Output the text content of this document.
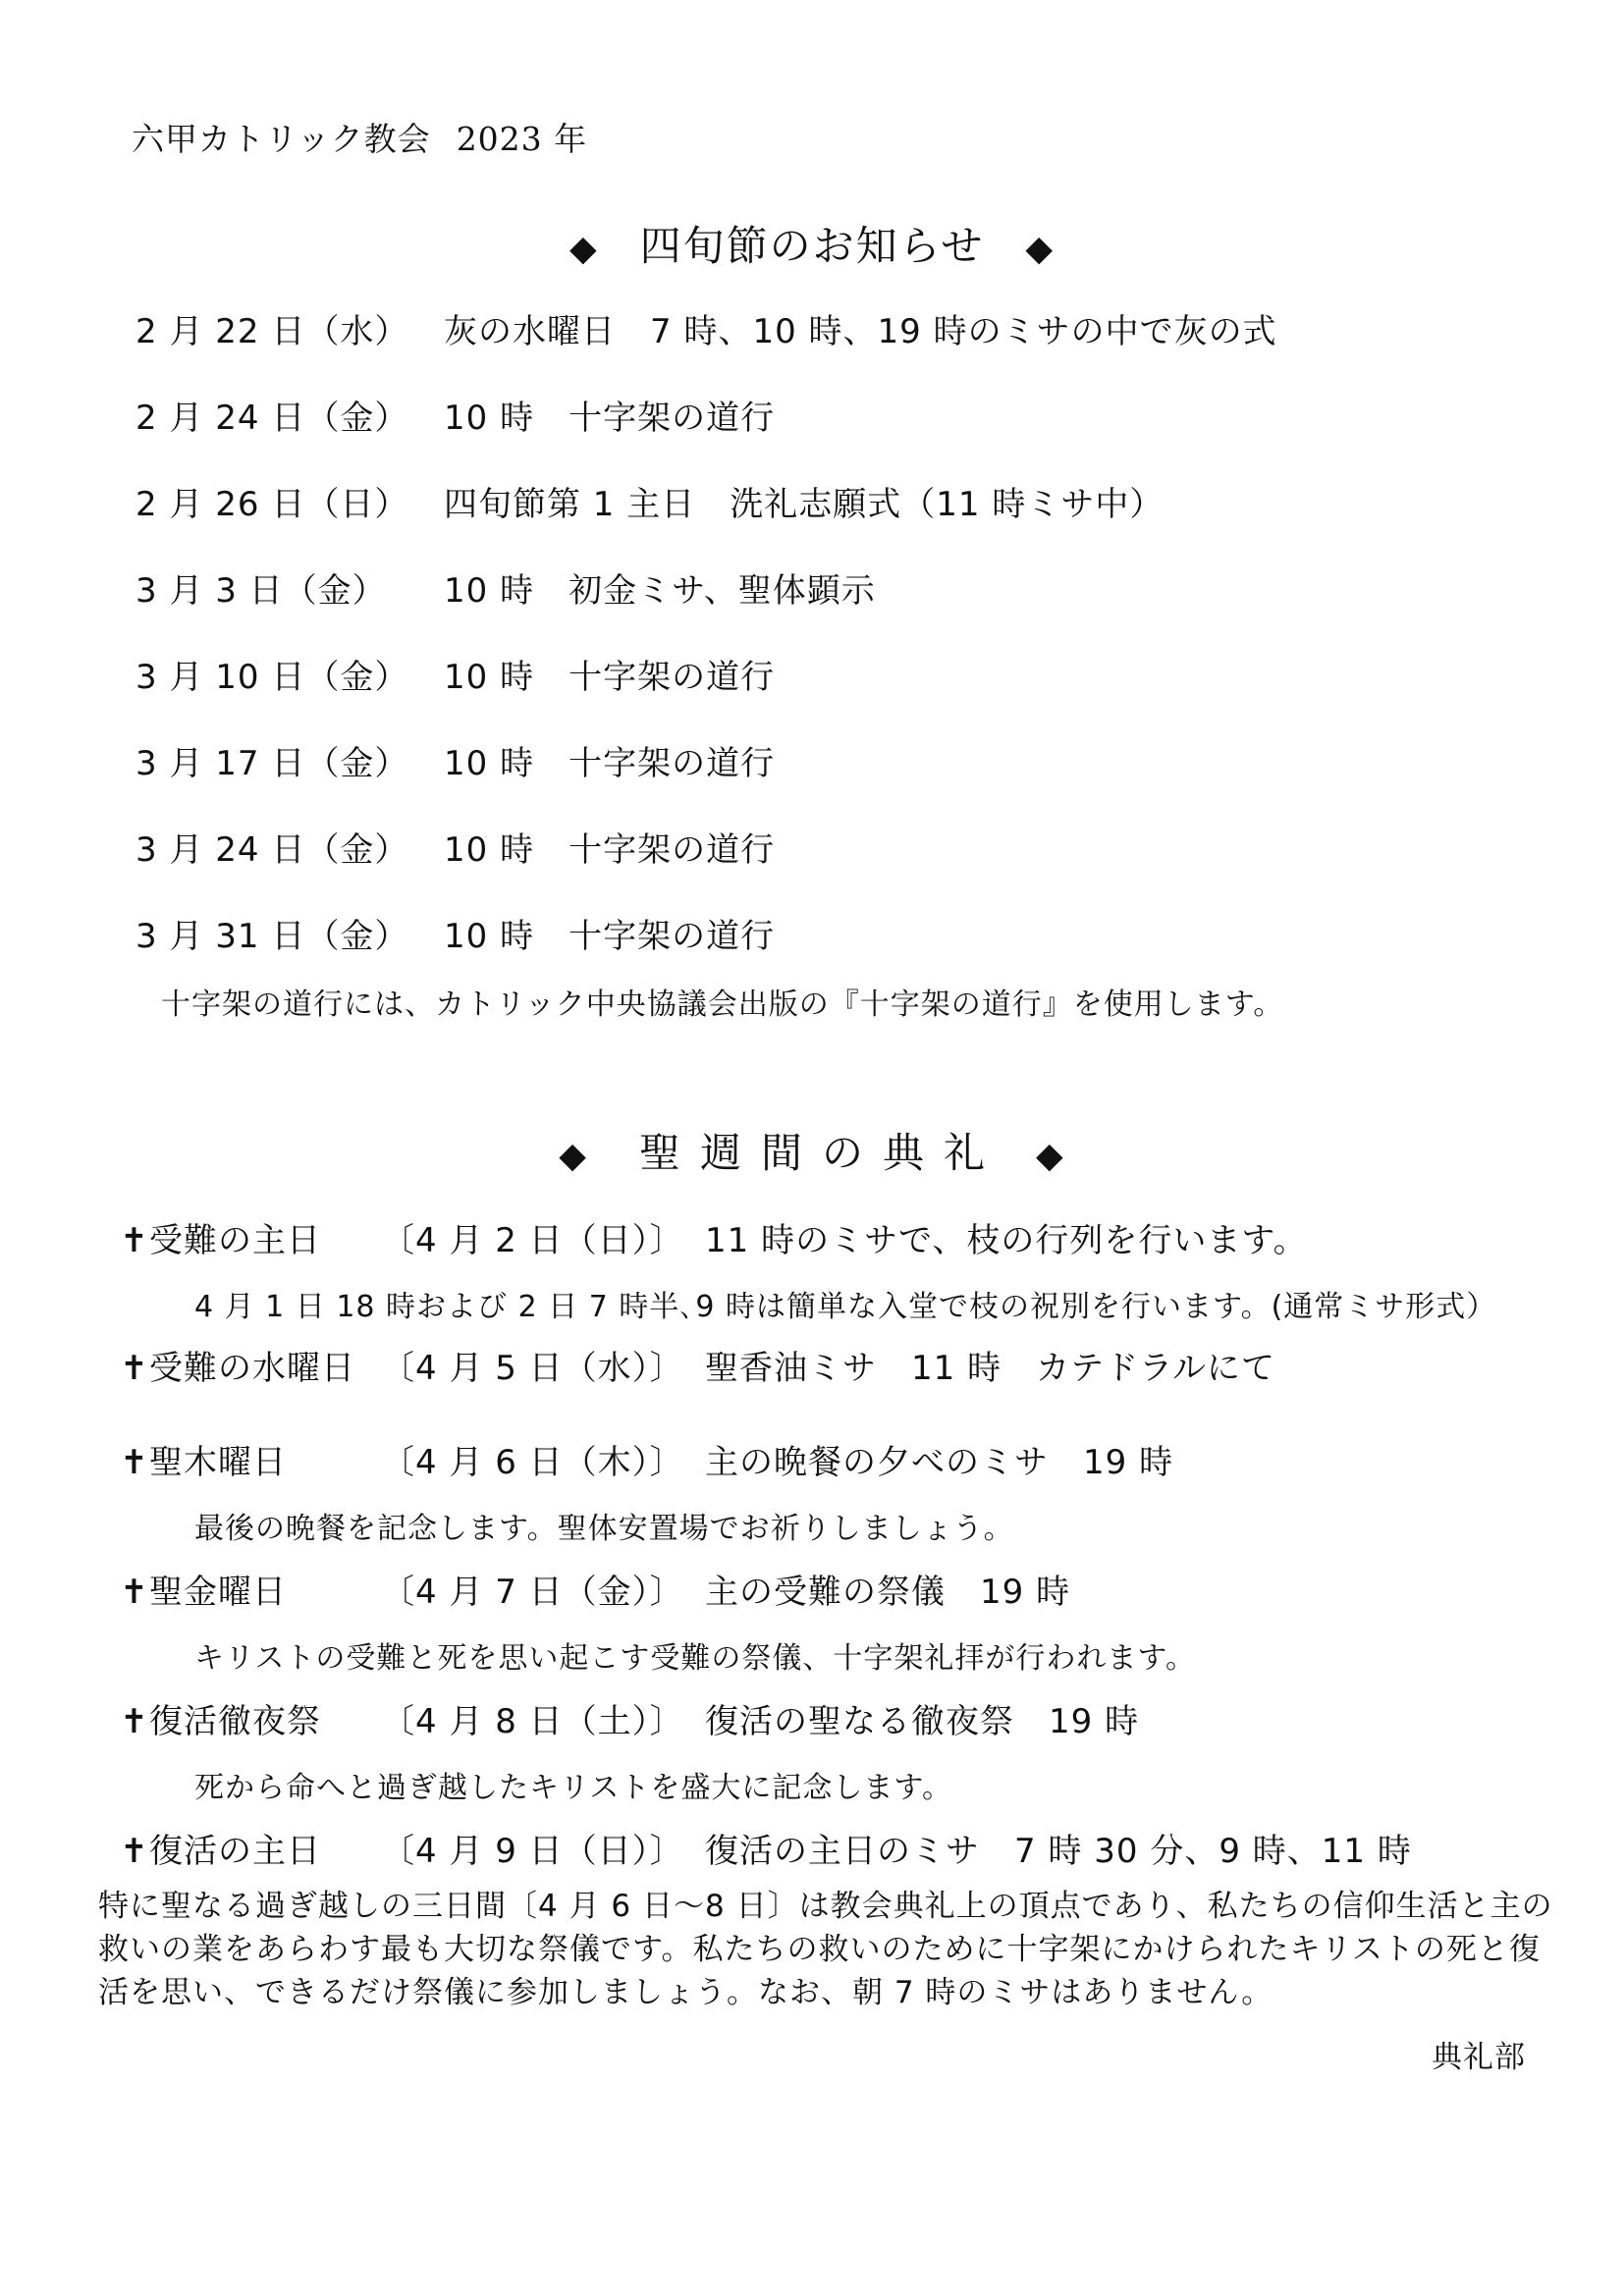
六甲カトリック教会 2023 年
◆ 四旬節のお知らせ ◆
2 月 22 日（水） 灰の水曜日　7 時、10 時、19 時のミサの中で灰の式
2 月 24 日（金） 10 時　十字架の道行
2 月 26 日（日） 四旬節第 1 主日　洗礼志願式（11 時ミサ中）
3 月 3 日（金） 10 時　初金ミサ、聖体顕示
3 月 10 日（金） 10 時　十字架の道行
3 月 17 日（金） 10 時　十字架の道行
3 月 24 日（金） 10 時　十字架の道行
3 月 31 日（金） 10 時　十字架の道行
十字架の道行には、カトリック中央協議会出版の『十字架の道行』を使用します。
◆ 聖週間の典礼 ◆
✝受難の主日 〔4 月 2 日（日）〕 11 時のミサで、枝の行列を行います。
4 月 1 日 18 時および 2 日 7 時半､9 時は簡単な入堂で枝の祝別を行います。(通常ミサ形式）
✝受難の水曜日 〔4 月 5 日（水）〕 聖香油ミサ　11 時　カテドラルにて
✝聖木曜日	〔4 月 6 日（木）〕 主の晩餐の夕べのミサ　19 時
最後の晩餐を記念します。聖体安置場でお祈りしましょう。
✝聖金曜日	〔4 月 7 日（金）〕 主の受難の祭儀　19 時
キリストの受難と死を思い起こす受難の祭儀、十字架礼拝が行われます。
✝復活徹夜祭 〔4 月 8 日（土）〕 復活の聖なる徹夜祭　19 時
死から命へと過ぎ越したキリストを盛大に記念します。
✝復活の主日 〔4 月 9 日（日）〕 復活の主日のミサ　7 時 30 分、9 時、11 時
特に聖なる過ぎ越しの三日間〔4 月 6 日～8 日〕は教会典礼上の頂点であり、私たちの信仰生活と主の
救いの業をあらわす最も大切な祭儀です。私たちの救いのために十字架にかけられたキリストの死と復
活を思い、できるだけ祭儀に参加しましょう。なお、朝 7 時のミサはありません。
典礼部
